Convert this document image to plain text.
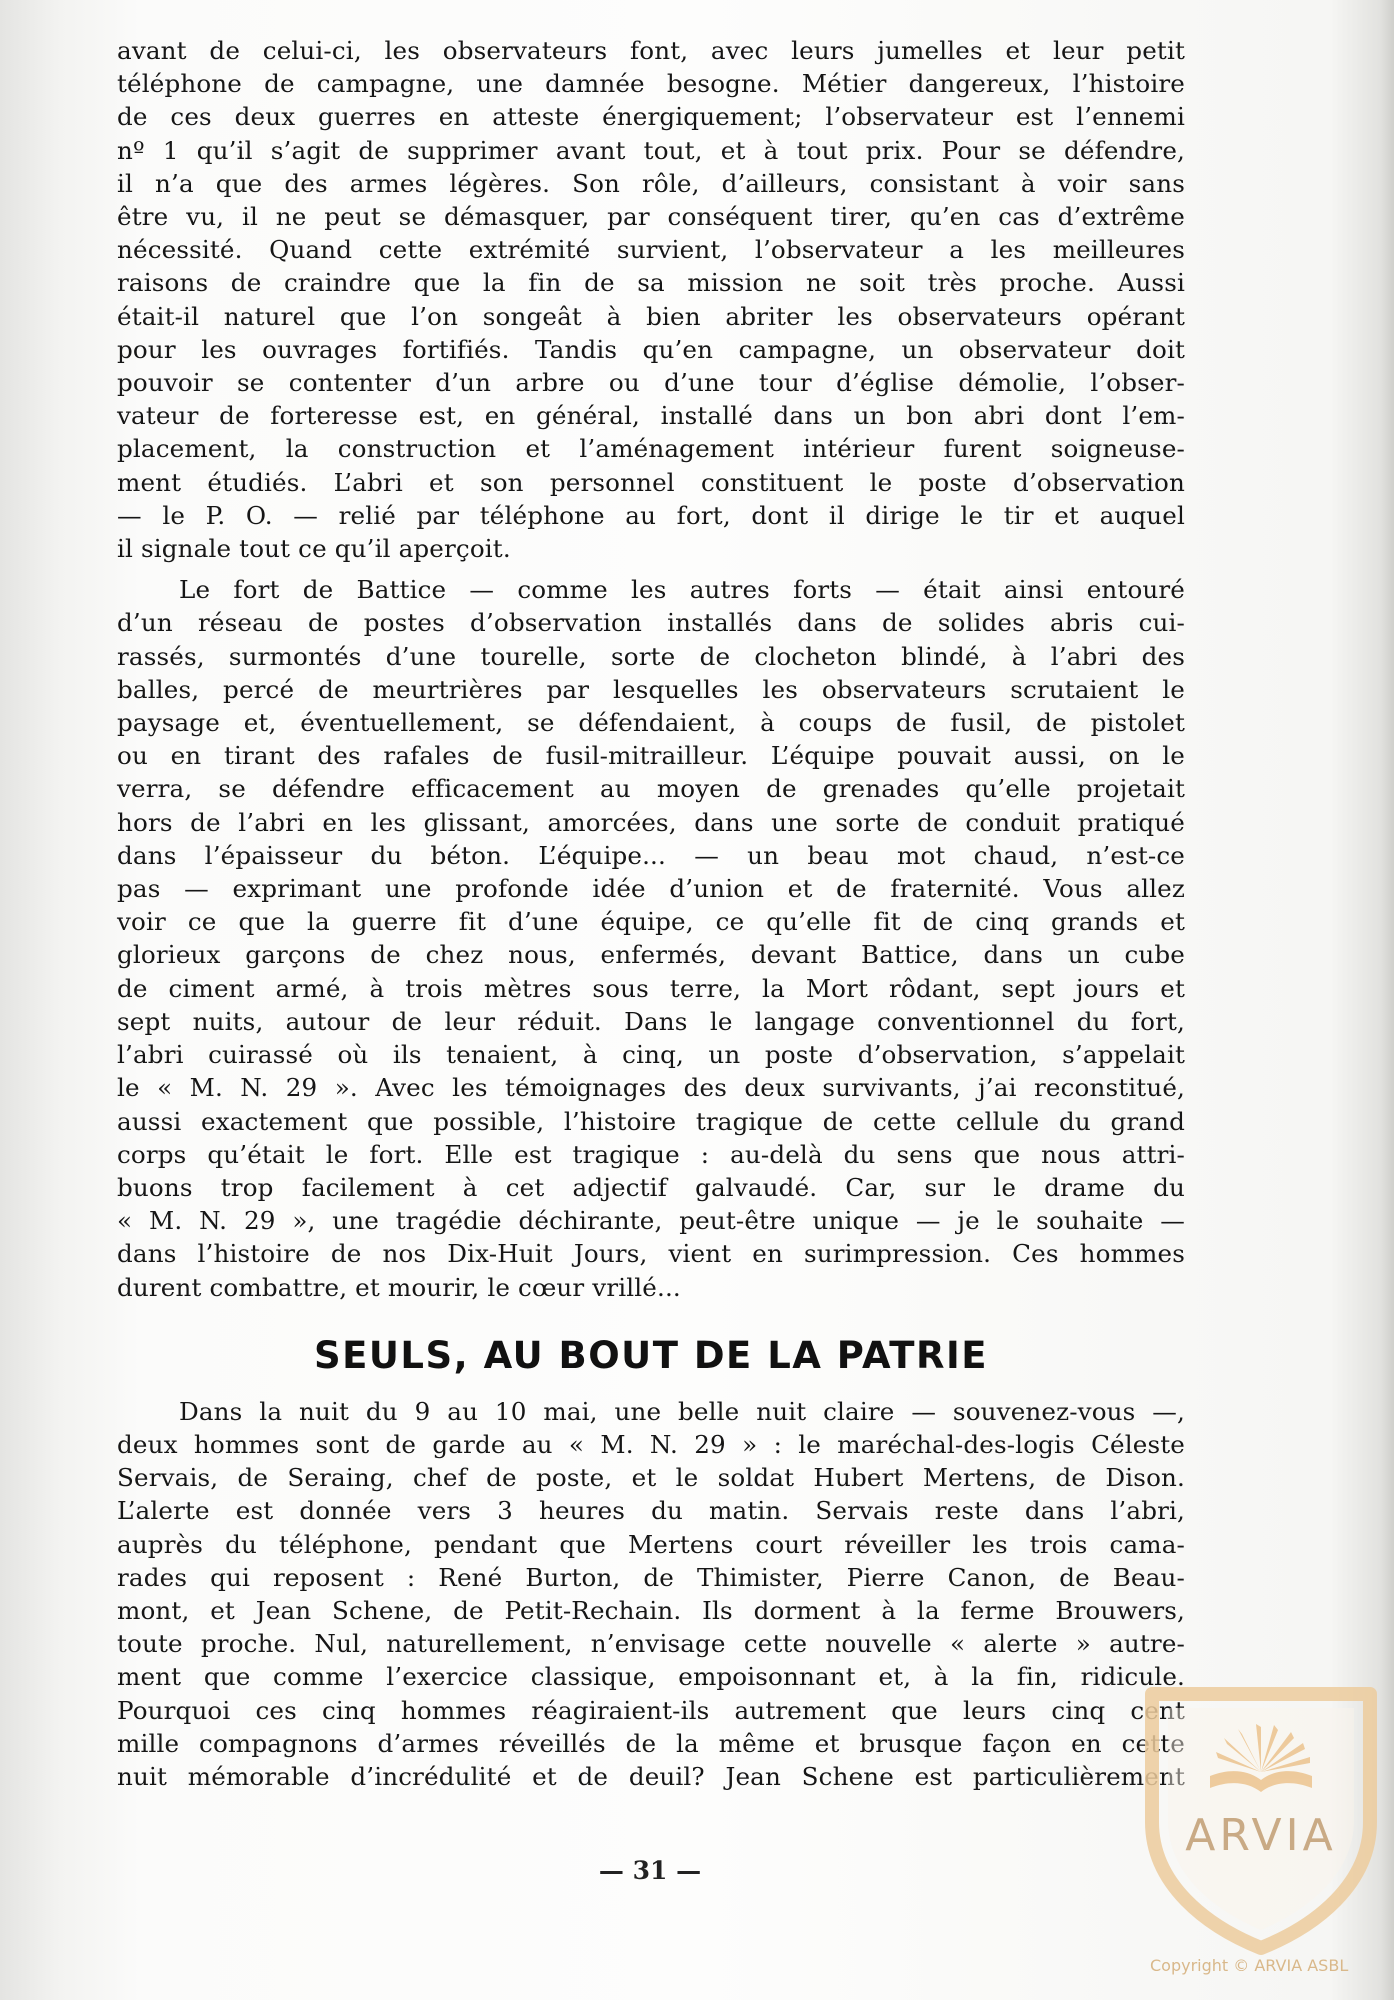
avant de celui-ci, les observateurs font, avec leurs jumelles et leur petit

téléphone de campagne, une damnée besogne. Métier dangereux, l’histoire

de ces deux guerres en atteste énergiquement; l’observateur est l’ennemi

nº 1 qu’il s’agit de supprimer avant tout, et à tout prix. Pour se défendre,

il n’a que des armes légères. Son rôle, d’ailleurs, consistant à voir sans

être vu, il ne peut se démasquer, par conséquent tirer, qu’en cas d’extrême

nécessité. Quand cette extrémité survient, l’observateur a les meilleures

raisons de craindre que la fin de sa mission ne soit très proche. Aussi

était-il naturel que l’on songeât à bien abriter les observateurs opérant

pour les ouvrages fortifiés. Tandis qu’en campagne, un observateur doit

pouvoir se contenter d’un arbre ou d’une tour d’église démolie, l’obser-

vateur de forteresse est, en général, installé dans un bon abri dont l’em-

placement, la construction et l’aménagement intérieur furent soigneuse-

ment étudiés. L’abri et son personnel constituent le poste d’observation

— le P. O. — relié par téléphone au fort, dont il dirige le tir et auquel

il signale tout ce qu’il aperçoit.

Le fort de Battice — comme les autres forts — était ainsi entouré

d’un réseau de postes d’observation installés dans de solides abris cui-

rassés, surmontés d’une tourelle, sorte de clocheton blindé, à l’abri des

balles, percé de meurtrières par lesquelles les observateurs scrutaient le

paysage et, éventuellement, se défendaient, à coups de fusil, de pistolet

ou en tirant des rafales de fusil-mitrailleur. L’équipe pouvait aussi, on le

verra, se défendre efficacement au moyen de grenades qu’elle projetait

hors de l’abri en les glissant, amorcées, dans une sorte de conduit pratiqué

dans l’épaisseur du béton. L’équipe... — un beau mot chaud, n’est-ce

pas — exprimant une profonde idée d’union et de fraternité. Vous allez

voir ce que la guerre fit d’une équipe, ce qu’elle fit de cinq grands et

glorieux garçons de chez nous, enfermés, devant Battice, dans un cube

de ciment armé, à trois mètres sous terre, la Mort rôdant, sept jours et

sept nuits, autour de leur réduit. Dans le langage conventionnel du fort,

l’abri cuirassé où ils tenaient, à cinq, un poste d’observation, s’appelait

le « M. N. 29 ». Avec les témoignages des deux survivants, j’ai reconstitué,

aussi exactement que possible, l’histoire tragique de cette cellule du grand

corps qu’était le fort. Elle est tragique : au-delà du sens que nous attri-

buons trop facilement à cet adjectif galvaudé. Car, sur le drame du

« M. N. 29 », une tragédie déchirante, peut-être unique — je le souhaite —

dans l’histoire de nos Dix-Huit Jours, vient en surimpression. Ces hommes

durent combattre, et mourir, le cœur vrillé...

SEULS, AU BOUT DE LA PATRIE

Dans la nuit du 9 au 10 mai, une belle nuit claire — souvenez-vous —,

deux hommes sont de garde au « M. N. 29 » : le maréchal-des-logis Céleste

Servais, de Seraing, chef de poste, et le soldat Hubert Mertens, de Dison.

L’alerte est donnée vers 3 heures du matin. Servais reste dans l’abri,

auprès du téléphone, pendant que Mertens court réveiller les trois cama-

rades qui reposent : René Burton, de Thimister, Pierre Canon, de Beau-

mont, et Jean Schene, de Petit-Rechain. Ils dorment à la ferme Brouwers,

toute proche. Nul, naturellement, n’envisage cette nouvelle « alerte » autre-

ment que comme l’exercice classique, empoisonnant et, à la fin, ridicule.

Pourquoi ces cinq hommes réagiraient-ils autrement que leurs cinq cent

mille compagnons d’armes réveillés de la même et brusque façon en cette

nuit mémorable d’incrédulité et de deuil? Jean Schene est particulièrement

— 31 —
ARVIA
Copyright © ARVIA ASBL
